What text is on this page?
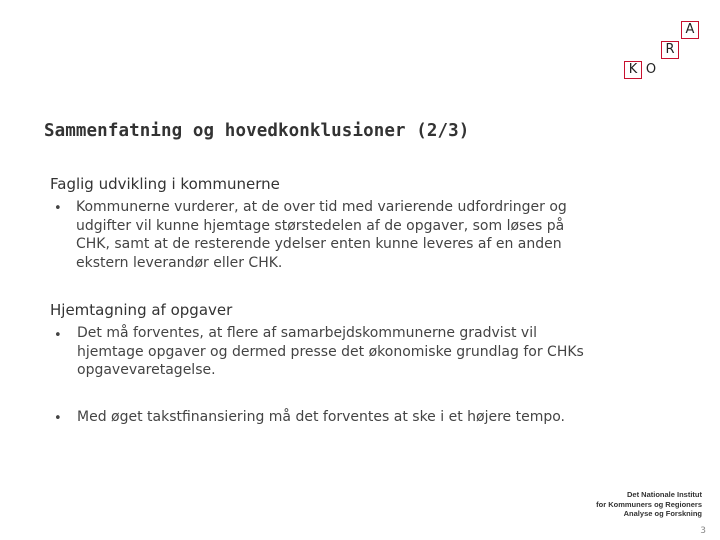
K O
R
A
Sammenfatning og hovedkonklusioner (2/3)
Faglig udvikling i kommunerne
• Kommunerne vurderer, at de over tid med varierende udfordringer og udgifter vil kunne hjemtage størstedelen af de opgaver, som løses på CHK, samt at de resterende ydelser enten kunne leveres af en anden ekstern leverandør eller CHK.
Hjemtagning af opgaver
• Det må forventes, at flere af samarbejdskommunerne gradvist vil hjemtage opgaver og dermed presse det økonomiske grundlag for CHKs opgavevaretagelse.
• Med øget takstfinansiering må det forventes at ske i et højere tempo.
Det Nationale Institut
for Kommuners og Regioners
Analyse og Forskning
3
